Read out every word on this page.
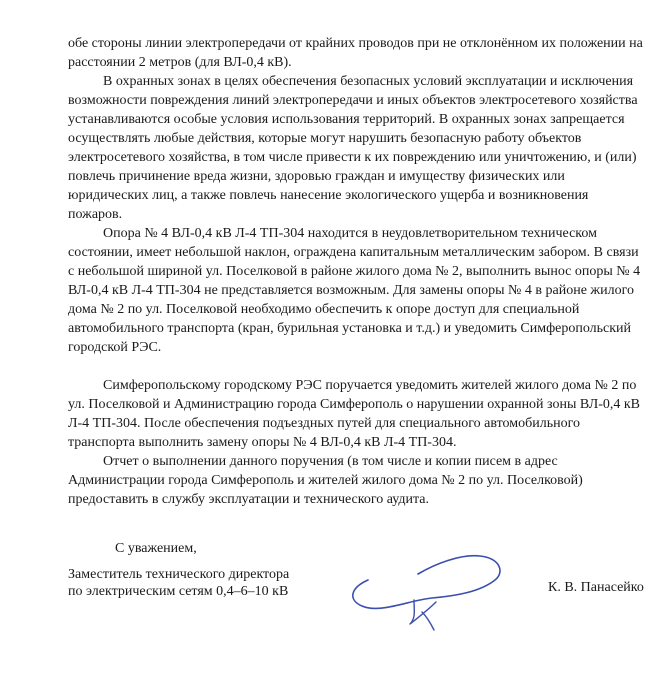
обе стороны линии электропередачи от крайних проводов при не отклонённом их положении на
расстоянии 2 метров (для ВЛ-0,4 кВ).
В охранных зонах в целях обеспечения безопасных условий эксплуатации и исключения
возможности повреждения линий электропередачи и иных объектов электросетевого хозяйства
устанавливаются особые условия использования территорий. В охранных зонах запрещается
осуществлять любые действия, которые могут нарушить безопасную работу объектов
электросетевого хозяйства, в том числе привести к их повреждению или уничтожению, и (или)
повлечь причинение вреда жизни, здоровью граждан и имуществу физических или
юридических лиц, а также повлечь нанесение экологического ущерба и возникновения
пожаров.
Опора № 4 ВЛ-0,4 кВ Л-4 ТП-304 находится в неудовлетворительном техническом
состоянии, имеет небольшой наклон, ограждена капитальным металлическим забором. В связи
с небольшой шириной ул. Поселковой в районе жилого дома № 2, выполнить вынос опоры № 4
ВЛ-0,4 кВ Л-4 ТП-304 не представляется возможным. Для замены опоры № 4 в районе жилого
дома № 2 по ул. Поселковой необходимо обеспечить к опоре доступ для специальной
автомобильного транспорта (кран, бурильная установка и т.д.) и уведомить Симферопольский
городской РЭС.
Симферопольскому городскому РЭС поручается уведомить жителей жилого дома № 2 по
ул. Поселковой и Администрацию города Симферополь о нарушении охранной зоны ВЛ-0,4 кВ
Л-4 ТП-304. После обеспечения подъездных путей для специального автомобильного
транспорта выполнить замену опоры № 4 ВЛ-0,4 кВ Л-4 ТП-304.
Отчет о выполнении данного поручения (в том числе и копии писем в адрес
Администрации города Симферополь и жителей жилого дома № 2 по ул. Поселковой)
предоставить в службу эксплуатации и технического аудита.
С уважением,
Заместитель технического директора
по электрическим сетям 0,4–6–10 кВ	К. В. Панасейко
